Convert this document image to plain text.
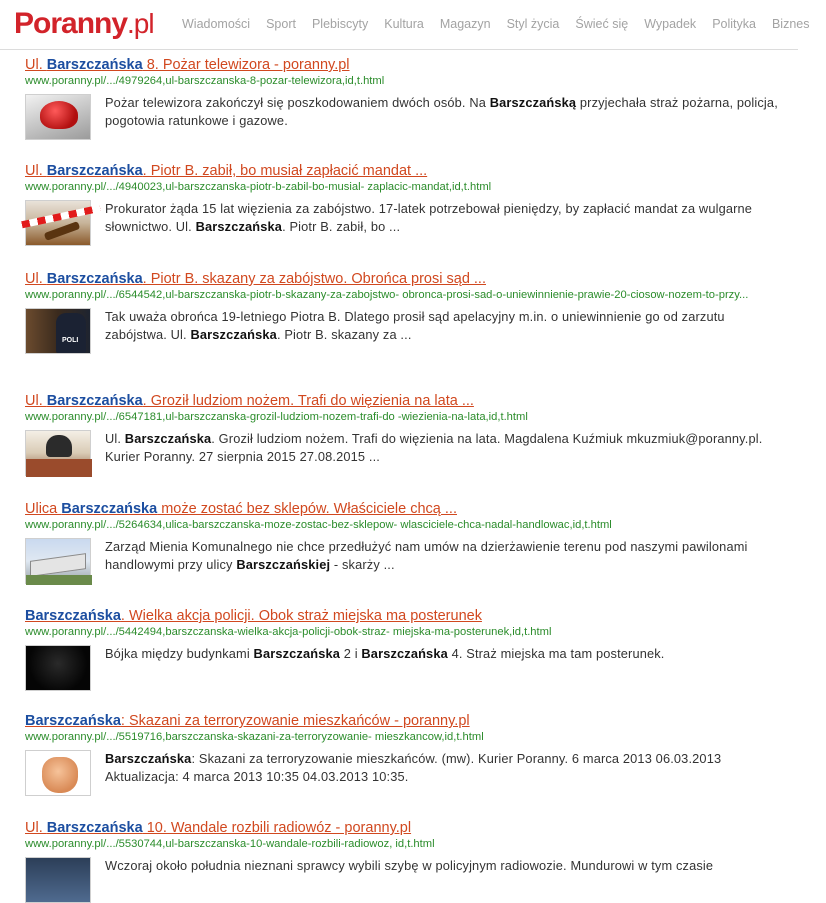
Poranny.pl Wiadomości Sport Plebiscyty Kultura Magazyn Styl życia Świeć się Wypadek Polityka Biznes
Ul. Barszczańska 8. Pożar telewizora - poranny.pl
www.poranny.pl/.../4979264,ul-barszczanska-8-pozar-telewizora,id,t.html
Pożar telewizora zakończył się poszkodowaniem dwóch osób. Na Barszczańską przyjechała straż pożarna, policja, pogotowia ratunkowe i gazowe.
Ul. Barszczańska. Piotr B. zabił, bo musiał zapłacić mandat ...
www.poranny.pl/.../4940023,ul-barszczanska-piotr-b-zabil-bo-musial- zaplacic-mandat,id,t.html
Prokurator żąda 15 lat więzienia za zabójstwo. 17-latek potrzebował pieniędzy, by zapłacić mandat za wulgarne słownictwo. Ul. Barszczańska. Piotr B. zabił, bo ...
Ul. Barszczańska. Piotr B. skazany za zabójstwo. Obrońca prosi sąd ...
www.poranny.pl/.../6544542,ul-barszczanska-piotr-b-skazany-za-zabojstwo- obronca-prosi-sad-o-uniewinnienie-prawie-20-ciosow-nozem-to-przy...
POLI
Tak uważa obrońca 19-letniego Piotra B. Dlatego prosił sąd apelacyjny m.in. o uniewinnienie go od zarzutu zabójstwa. Ul. Barszczańska. Piotr B. skazany za ...
Ul. Barszczańska. Groził ludziom nożem. Trafi do więzienia na lata ...
www.poranny.pl/.../6547181,ul-barszczanska-grozil-ludziom-nozem-trafi-do -wiezienia-na-lata,id,t.html
Ul. Barszczańska. Groził ludziom nożem. Trafi do więzienia na lata. Magdalena Kuźmiuk mkuzmiuk@poranny.pl. Kurier Poranny. 27 sierpnia 2015 27.08.2015 ...
Ulica Barszczańska może zostać bez sklepów. Właściciele chcą ...
www.poranny.pl/.../5264634,ulica-barszczanska-moze-zostac-bez-sklepow- wlasciciele-chca-nadal-handlowac,id,t.html
Zarząd Mienia Komunalnego nie chce przedłużyć nam umów na dzierżawienie terenu pod naszymi pawilonami handlowymi przy ulicy Barszczańskiej - skarży ...
Barszczańska. Wielka akcja policji. Obok straż miejska ma posterunek
www.poranny.pl/.../5442494,barszczanska-wielka-akcja-policji-obok-straz- miejska-ma-posterunek,id,t.html
Bójka między budynkami Barszczańska 2 i Barszczańska 4. Straż miejska ma tam posterunek.
Barszczańska: Skazani za terroryzowanie mieszkańców - poranny.pl
www.poranny.pl/.../5519716,barszczanska-skazani-za-terroryzowanie- mieszkancow,id,t.html
Barszczańska: Skazani za terroryzowanie mieszkańców. (mw). Kurier Poranny. 6 marca 2013 06.03.2013 Aktualizacja: 4 marca 2013 10:35 04.03.2013 10:35.
Ul. Barszczańska 10. Wandale rozbili radiowóz - poranny.pl
www.poranny.pl/.../5530744,ul-barszczanska-10-wandale-rozbili-radiowoz, id,t.html
Wczoraj około południa nieznani sprawcy wybili szybę w policyjnym radiowozie. Mundurowi w tym czasie
